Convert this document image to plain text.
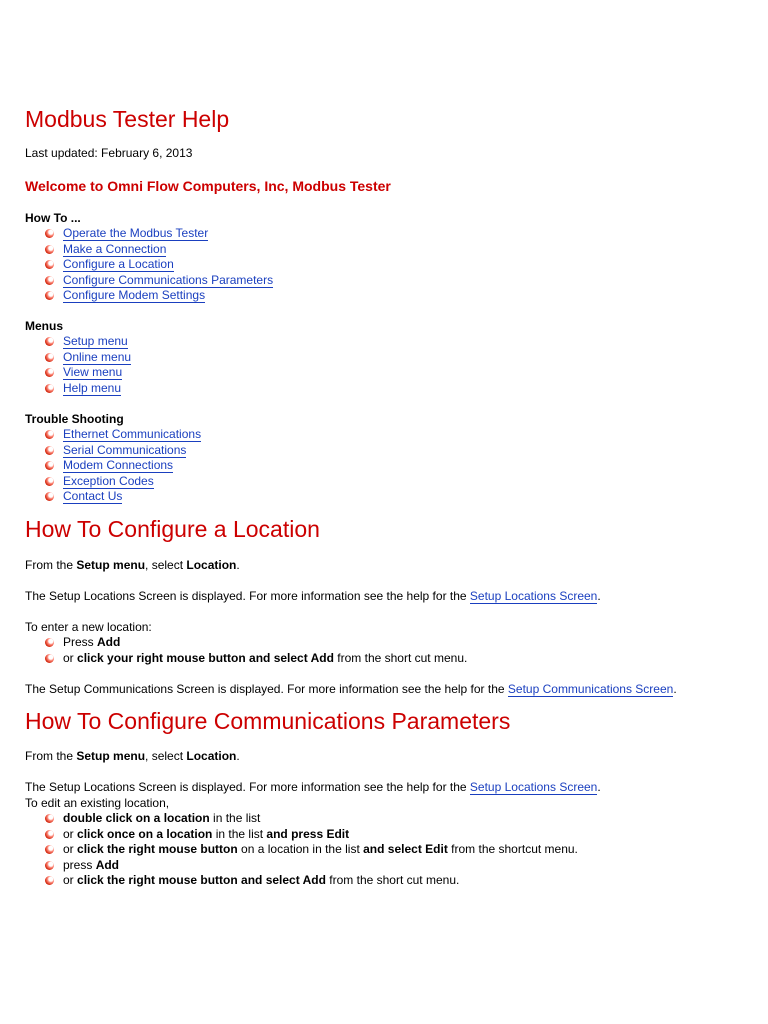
Modbus Tester Help
Last updated: February 6, 2013
Welcome to Omni Flow Computers, Inc, Modbus Tester
How To ...
Operate the Modbus Tester
Make a Connection
Configure a Location
Configure Communications Parameters
Configure Modem Settings
Menus
Setup menu
Online menu
View menu
Help menu
Trouble Shooting
Ethernet Communications
Serial Communications
Modem Connections
Exception Codes
Contact Us
How To Configure a Location
From the Setup menu, select Location.
The Setup Locations Screen is displayed. For more information see the help for the Setup Locations Screen.
To enter a new location:
Press Add
or click your right mouse button and select Add from the short cut menu.
The Setup Communications Screen is displayed. For more information see the help for the Setup Communications Screen.
How To Configure Communications Parameters
From the Setup menu, select Location.
The Setup Locations Screen is displayed. For more information see the help for the Setup Locations Screen.
To edit an existing location,
double click on a location in the list
or click once on a location in the list and press Edit
or click the right mouse button on a location in the list and select Edit from the shortcut menu.
press Add
or click the right mouse button and select Add from the short cut menu.
